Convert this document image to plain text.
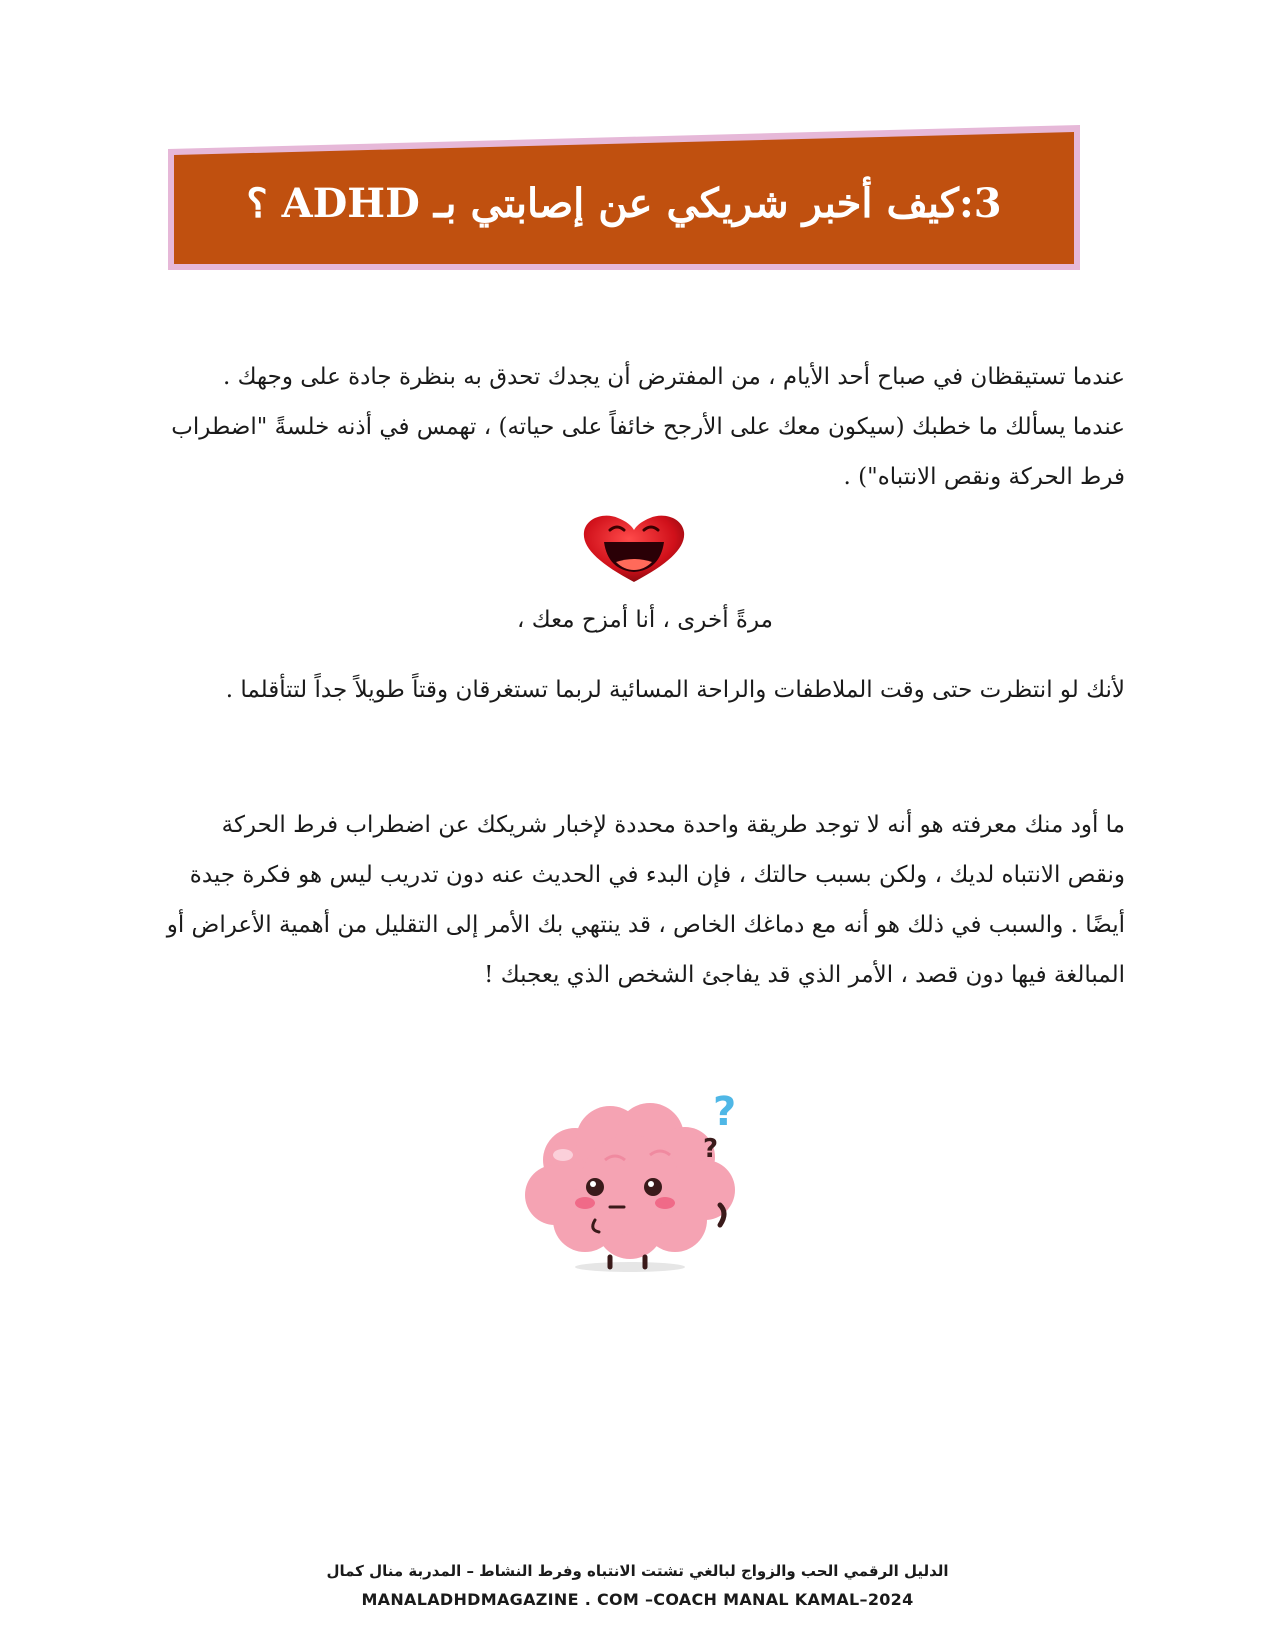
3:كيف أخبر شريكي عن إصابتي بـ ADHD ؟

عندما تستيقظان في صباح أحد الأيام ، من المفترض أن يجدك تحدق به بنظرة جادة على وجهك . عندما يسألك ما خطبك (سيكون معك على الأرجح خائفاً على حياته) ، تهمس في أذنه خلسةً "اضطراب فرط الحركة ونقص الانتباه") .

مرةً أخرى ، أنا أمزح معك ،

لأنك لو انتظرت حتى وقت الملاطفات والراحة المسائية لربما تستغرقان وقتاً طويلاً جداً لتتأقلما .

ما أود منك معرفته هو أنه لا توجد طريقة واحدة محددة لإخبار شريكك عن اضطراب فرط الحركة ونقص الانتباه لديك ، ولكن بسبب حالتك ، فإن البدء في الحديث عنه دون تدريب ليس هو فكرة جيدة أيضًا . والسبب في ذلك هو أنه مع دماغك الخاص ، قد ينتهي بك الأمر إلى التقليل من أهمية الأعراض أو المبالغة فيها دون قصد ، الأمر الذي قد يفاجئ الشخص الذي يعجبك !

?
?
الدليل الرقمي الحب والزواج لبالغي تشتت الانتباه وفرط النشاط – المدربة منال كمال
MANALADHDMAGAZINE . COM –COACH MANAL KAMAL–2024
